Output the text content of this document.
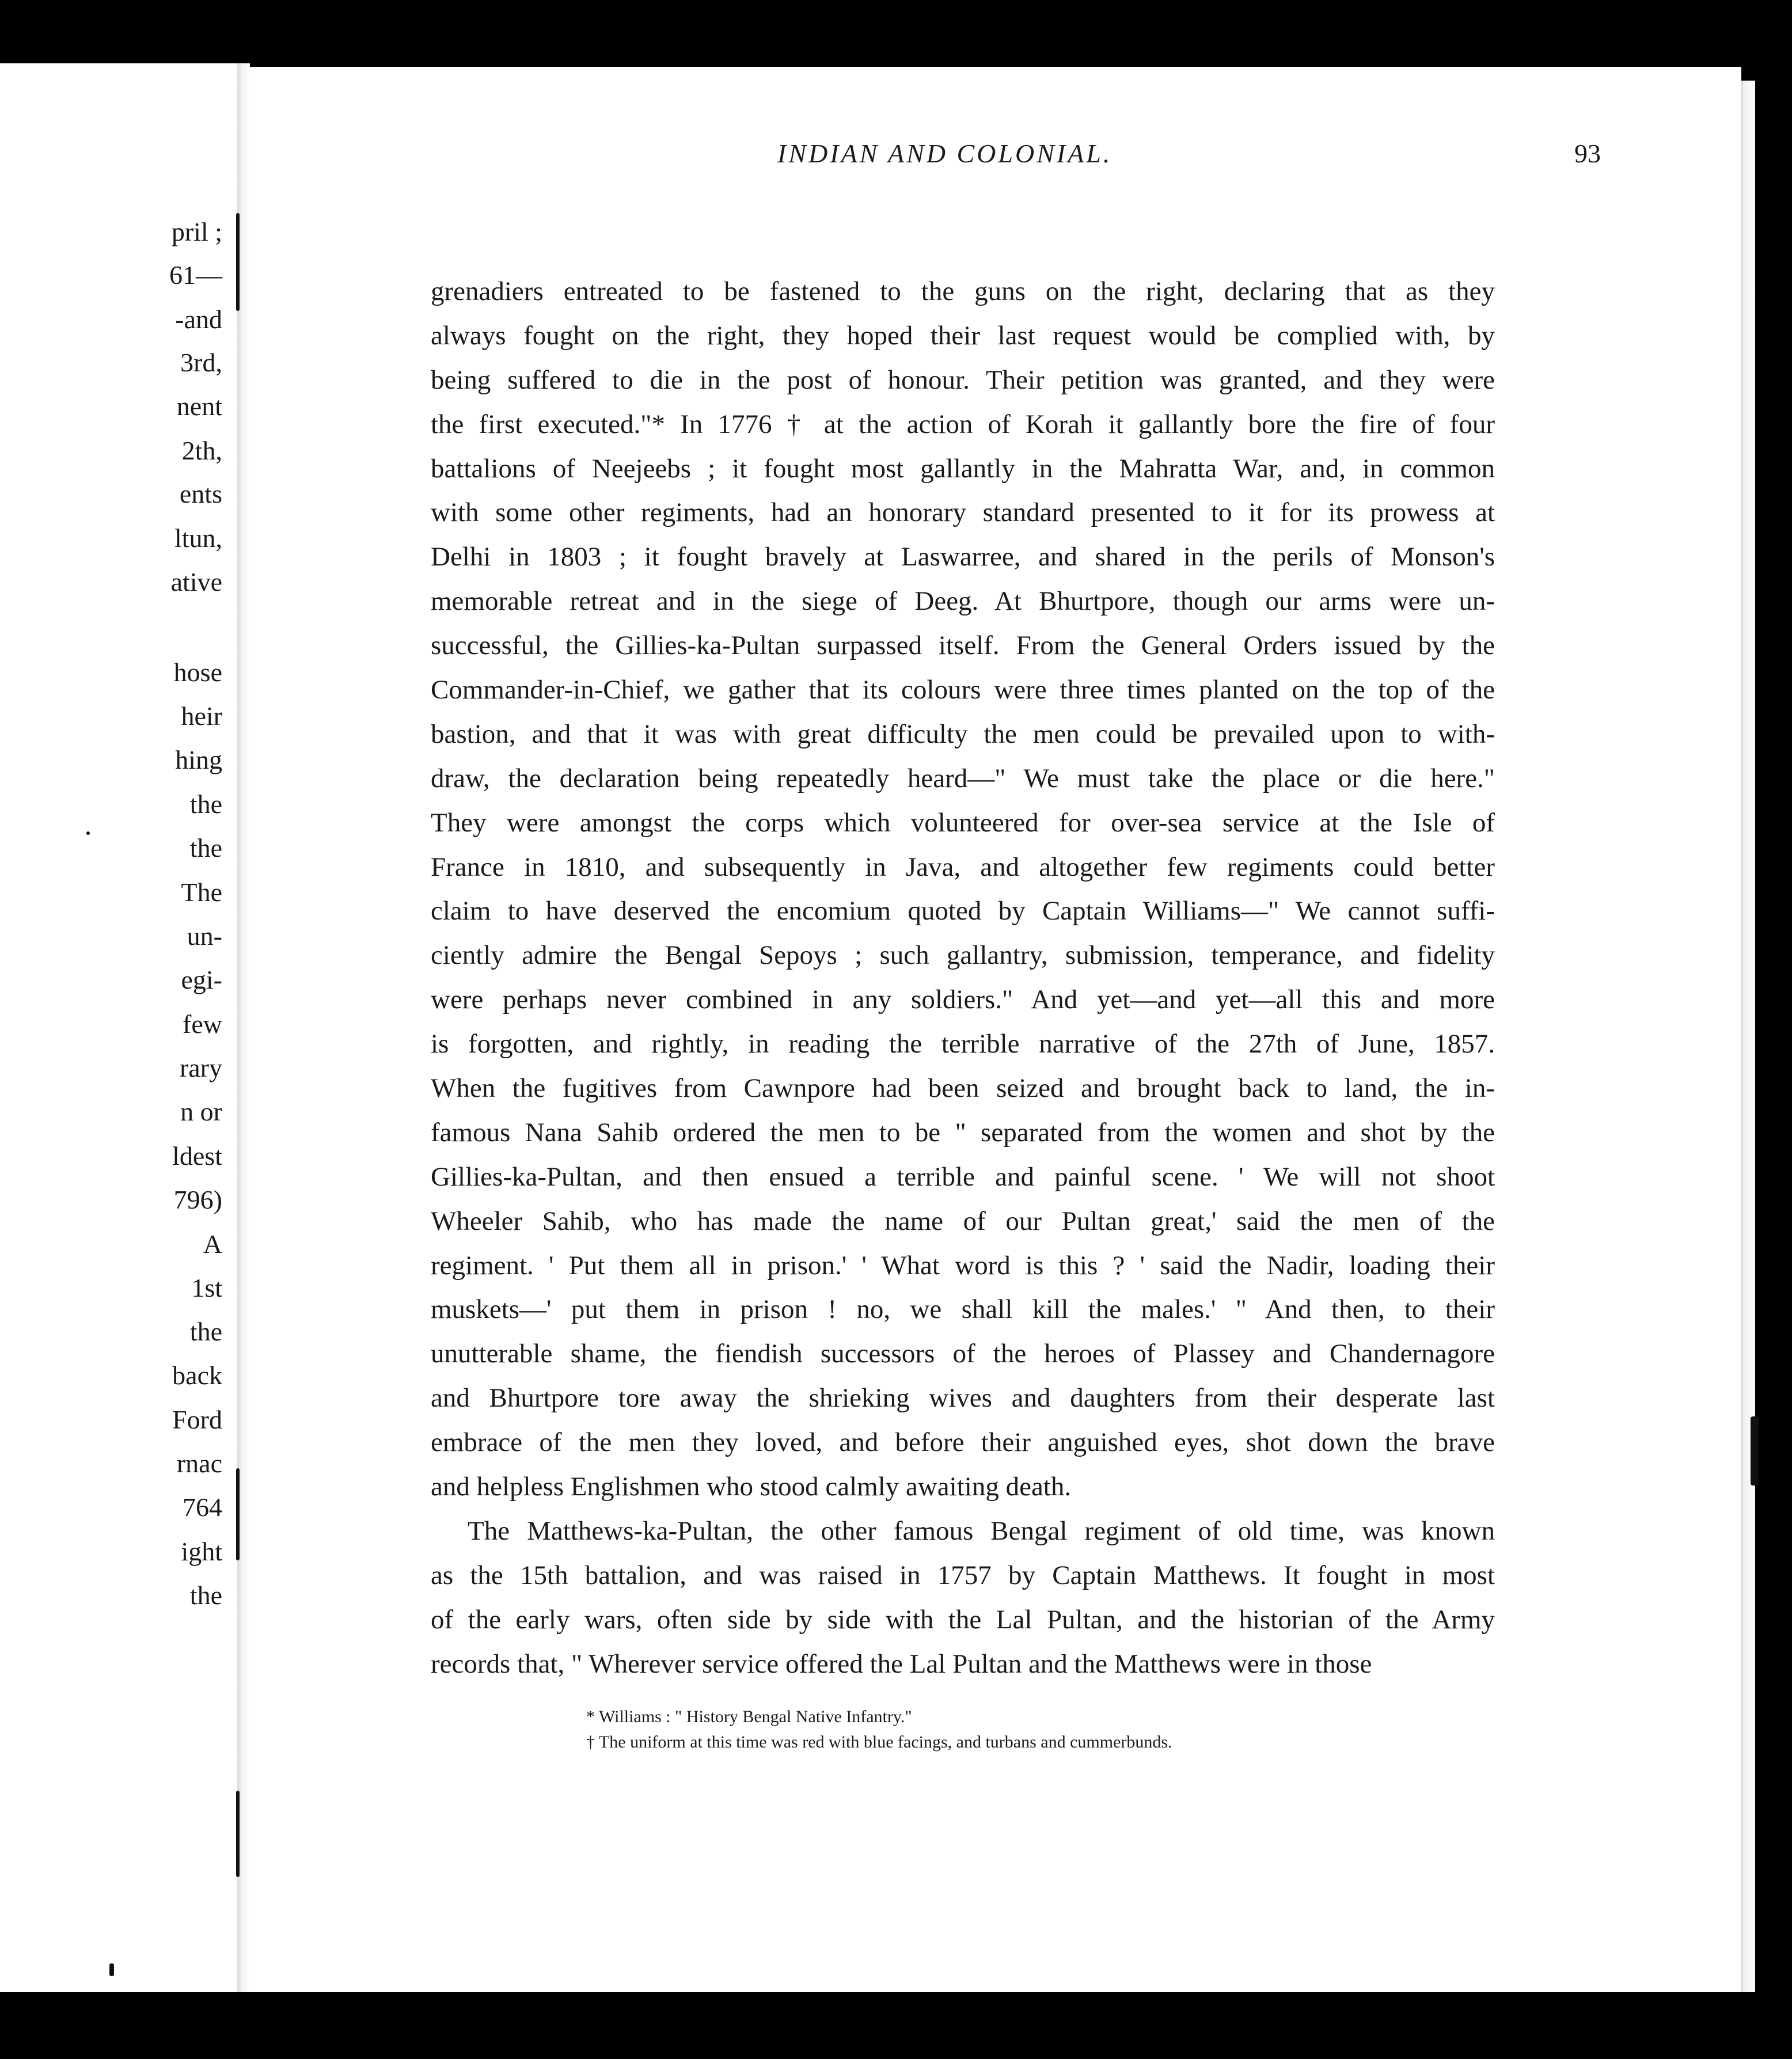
pril ;
61—
-and
3rd,
nent
2th,
ents
ltun,
ative
hose
heir
hing
the
the
The
un-
egi-
few
rary
n or
ldest
796)
A
1st
the
back
Ford
rnac
764
ight
the
INDIAN AND COLONIAL.	93
grenadiers entreated to be fastened to the guns on the right, declaring that as they
always fought on the right, they hoped their last request would be complied with, by
being suffered to die in the post of honour. Their petition was granted, and they were
the first executed."* In 1776 † at the action of Korah it gallantly bore the fire of four
battalions of Neejeebs ; it fought most gallantly in the Mahratta War, and, in common
with some other regiments, had an honorary standard presented to it for its prowess at
Delhi in 1803 ; it fought bravely at Laswarree, and shared in the perils of Monson's
memorable retreat and in the siege of Deeg. At Bhurtpore, though our arms were un-
successful, the Gillies-ka-Pultan surpassed itself. From the General Orders issued by the
Commander-in-Chief, we gather that its colours were three times planted on the top of the
bastion, and that it was with great difficulty the men could be prevailed upon to with-
draw, the declaration being repeatedly heard—" We must take the place or die here."
They were amongst the corps which volunteered for over-sea service at the Isle of
France in 1810, and subsequently in Java, and altogether few regiments could better
claim to have deserved the encomium quoted by Captain Williams—" We cannot suffi-
ciently admire the Bengal Sepoys ; such gallantry, submission, temperance, and fidelity
were perhaps never combined in any soldiers." And yet—and yet—all this and more
is forgotten, and rightly, in reading the terrible narrative of the 27th of June, 1857.
When the fugitives from Cawnpore had been seized and brought back to land, the in-
famous Nana Sahib ordered the men to be " separated from the women and shot by the
Gillies-ka-Pultan, and then ensued a terrible and painful scene. ' We will not shoot
Wheeler Sahib, who has made the name of our Pultan great,' said the men of the
regiment. ' Put them all in prison.' ' What word is this ? ' said the Nadir, loading their
muskets—' put them in prison ! no, we shall kill the males.' " And then, to their
unutterable shame, the fiendish successors of the heroes of Plassey and Chandernagore
and Bhurtpore tore away the shrieking wives and daughters from their desperate last
embrace of the men they loved, and before their anguished eyes, shot down the brave
and helpless Englishmen who stood calmly awaiting death.
The Matthews-ka-Pultan, the other famous Bengal regiment of old time, was known
as the 15th battalion, and was raised in 1757 by Captain Matthews. It fought in most
of the early wars, often side by side with the Lal Pultan, and the historian of the Army
records that, " Wherever service offered the Lal Pultan and the Matthews were in those
* Williams : " History Bengal Native Infantry."
† The uniform at this time was red with blue facings, and turbans and cummerbunds.
